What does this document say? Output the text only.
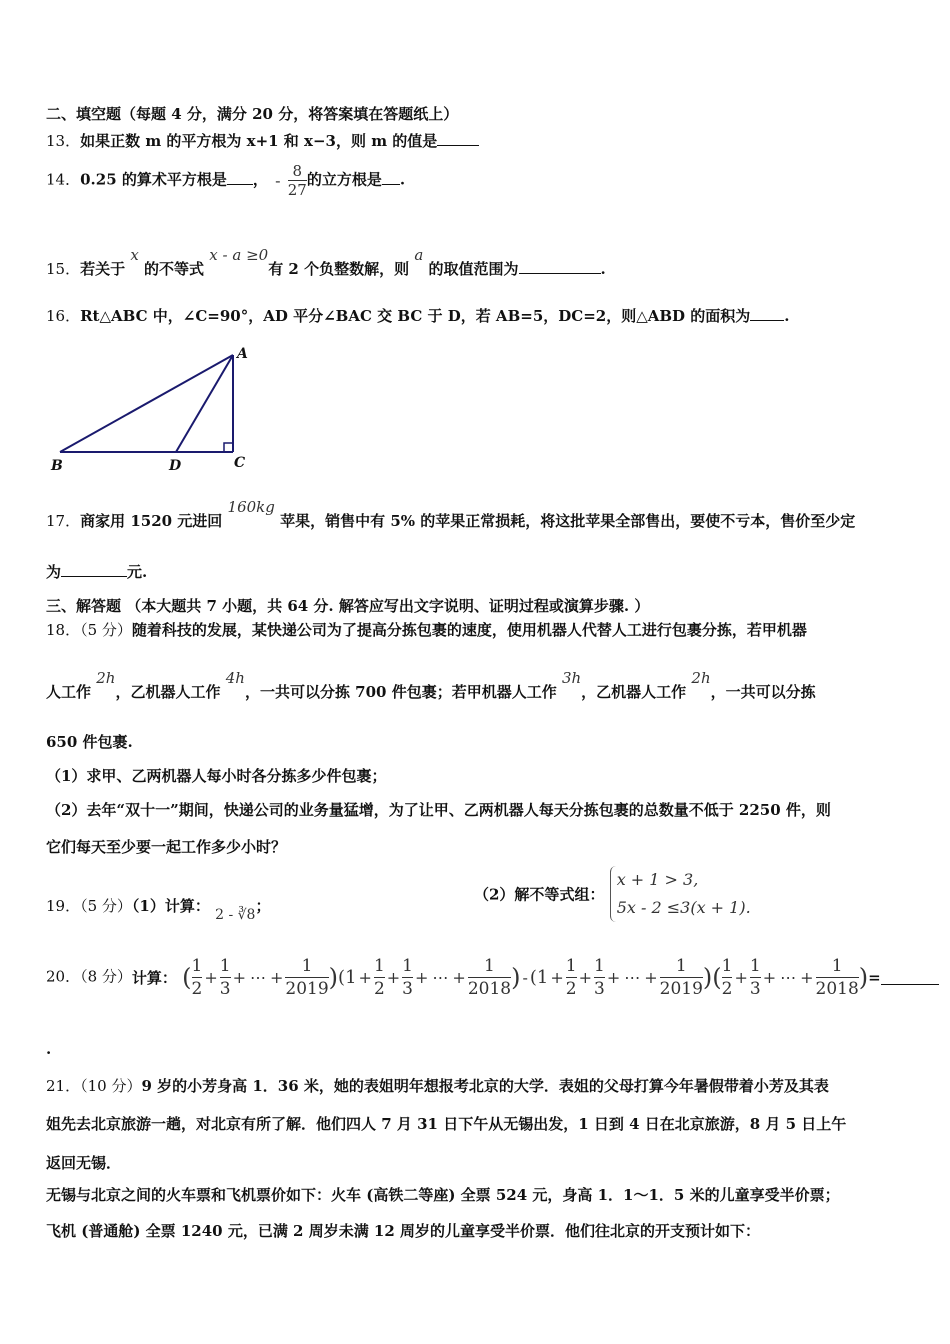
二、填空题（每题 4 分，满分 20 分，将答案填在答题纸上）
13．如果正数 m 的平方根为 x+1 和 x−3，则 m 的值是
14．0.25 的算术平方根是 ， - $\frac{8}{27}$ 的立方根是 .
15．若关于 x 的不等式 x - a ≥0有 2 个负整数解，则 a 的取值范围为	.
16．Rt△ABC 中，∠C=90°，AD 平分∠BAC 交 BC 于 D，若 AB=5，DC=2，则△ABD 的面积为 .
A
B	D	C
17．商家用 1520 元进回 160kg 苹果，销售中有 5% 的苹果正常损耗，将这批苹果全部售出，要使不亏本，售价至少定
为	元.
三、解答题 （本大题共 7 小题，共 64 分. 解答应写出文字说明、证明过程或演算步骤. ）
18．（5 分）随着科技的发展，某快递公司为了提高分拣包裹的速度，使用机器人代替人工进行包裹分拣，若甲机器
人工作 2h，乙机器人工作 4h，一共可以分拣 700 件包裹；若甲机器人工作 3h，乙机器人工作 2h，一共可以分拣
650 件包裹.
（1）求甲、乙两机器人每小时各分拣多少件包裹；
（2）去年“双十一”期间，快递公司的业务量猛增，为了让甲、乙两机器人每天分拣包裹的总数量不低于 2250 件，则
它们每天至少要一起工作多少小时？
19．（5 分）（1）计算： 2 - ∛8；
（2）解不等式组：
x + 1 > 3,
5x - 2 ≤3(x + 1).
20．（8 分）计算： ( $\frac{1}{2} + \frac{1}{3}$ + ⋯ + $\frac{1}{2019} )(1 + \frac{1}{2} + \frac{1}{3}$ + ⋯ + $\frac{1}{2018}$ ) - ($1 + \frac{1}{2} + \frac{1}{3}$ + ⋯ + $\frac{1}{2019}$ )( $\frac{1}{2} + \frac{1}{3}$ + ⋯ + $\frac{1}{2018}$ )=
.
21．（10 分）9 岁的小芳身高 1．36 米，她的表姐明年想报考北京的大学．表姐的父母打算今年暑假带着小芳及其表
姐先去北京旅游一趟，对北京有所了解．他们四人 7 月 31 日下午从无锡出发，1 日到 4 日在北京旅游，8 月 5 日上午
返回无锡．
无锡与北京之间的火车票和飞机票价如下：火车 (高铁二等座) 全票 524 元，身高 1．1～1．5 米的儿童享受半价票；
飞机 (普通舱) 全票 1240 元，已满 2 周岁未满 12 周岁的儿童享受半价票．他们往北京的开支预计如下：
